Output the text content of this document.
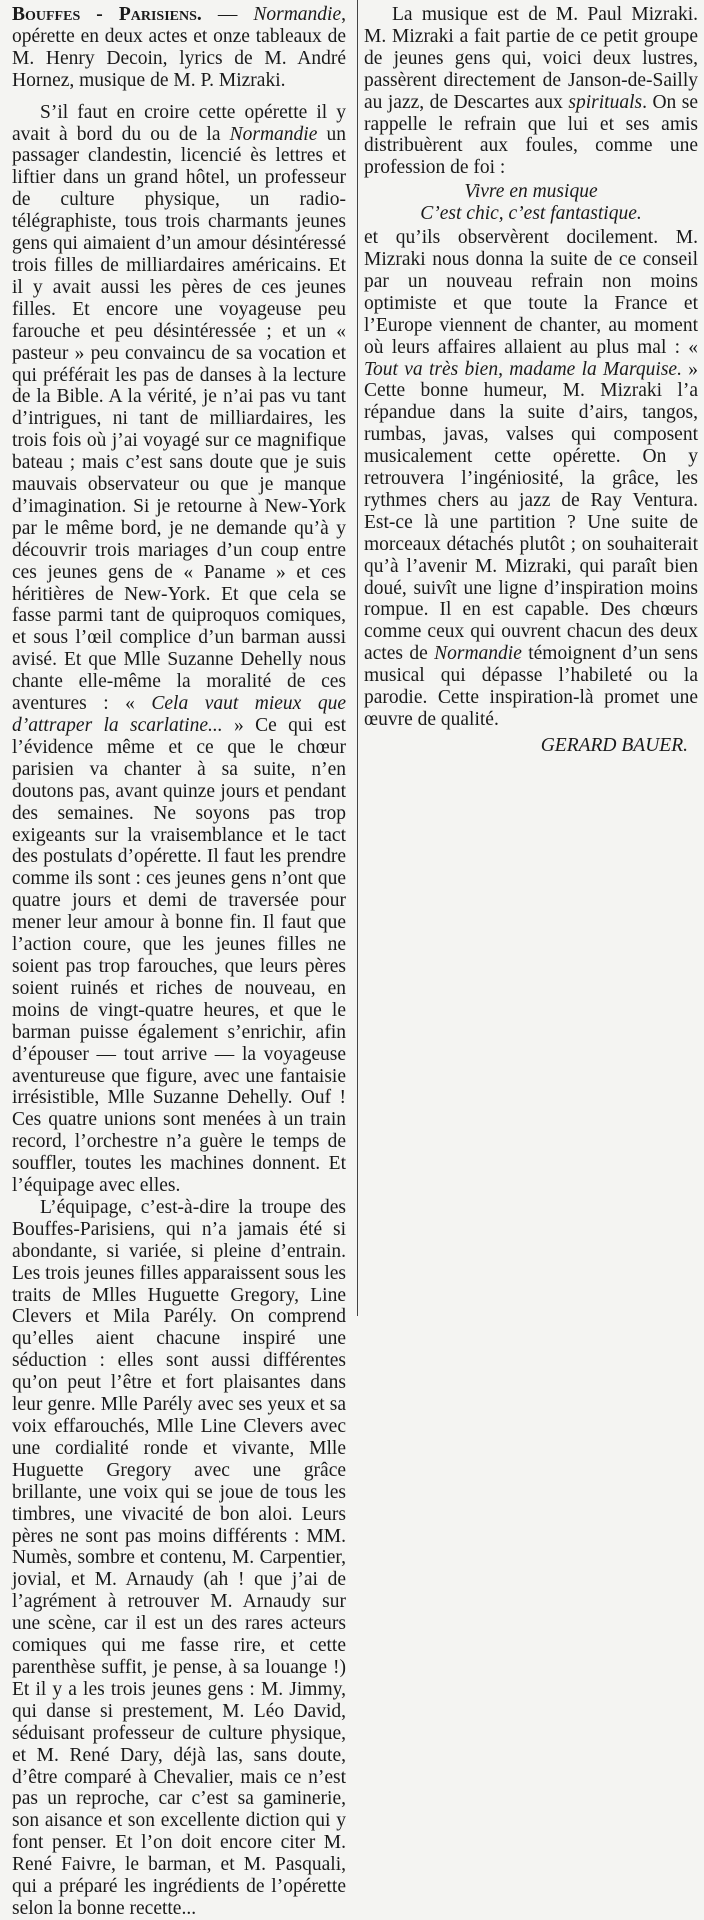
Bouffes - Parisiens. — Normandie, opérette en deux actes et onze tableaux de M. Henry Decoin, lyrics de M. André Hornez, musique de M. P. Mizraki.

S’il faut en croire cette opérette il y avait à bord du ou de la Normandie un passager clandestin, licencié ès lettres et liftier dans un grand hôtel, un professeur de culture physique, un radio-télégraphiste, tous trois charmants jeunes gens qui aimaient d’un amour désintéressé trois filles de milliardaires américains. Et il y avait aussi les pères de ces jeunes filles. Et encore une voyageuse peu farouche et peu désintéressée ; et un « pasteur » peu convaincu de sa vocation et qui préférait les pas de danses à la lecture de la Bible. A la vérité, je n’ai pas vu tant d’intrigues, ni tant de milliardaires, les trois fois où j’ai voyagé sur ce magnifique bateau ; mais c’est sans doute que je suis mauvais observateur ou que je manque d’imagination. Si je retourne à New-York par le même bord, je ne demande qu’à y découvrir trois mariages d’un coup entre ces jeunes gens de « Paname » et ces héritières de New-York. Et que cela se fasse parmi tant de quiproquos comiques, et sous l’œil complice d’un barman aussi avisé. Et que Mlle Suzanne Dehelly nous chante elle-même la moralité de ces aventures : « Cela vaut mieux que d’attraper la scarlatine... » Ce qui est l’évidence même et ce que le chœur parisien va chanter à sa suite, n’en doutons pas, avant quinze jours et pendant des semaines. Ne soyons pas trop exigeants sur la vraisemblance et le tact des postulats d’opérette. Il faut les prendre comme ils sont : ces jeunes gens n’ont que quatre jours et demi de traversée pour mener leur amour à bonne fin. Il faut que l’action coure, que les jeunes filles ne soient pas trop farouches, que leurs pères soient ruinés et riches de nouveau, en moins de vingt-quatre heures, et que le barman puisse également s’enrichir, afin d’épouser — tout arrive — la voyageuse aventureuse que figure, avec une fantaisie irrésistible, Mlle Suzanne Dehelly. Ouf ! Ces quatre unions sont menées à un train record, l’orchestre n’a guère le temps de souffler, toutes les machines donnent. Et l’équipage avec elles.

L’équipage, c’est-à-dire la troupe des Bouffes-Parisiens, qui n’a jamais été si abondante, si variée, si pleine d’entrain. Les trois jeunes filles apparaissent sous les traits de Mlles Huguette Gregory, Line Clevers et Mila Parély. On comprend qu’elles aient chacune inspiré une séduction : elles sont aussi différentes qu’on peut l’être et fort plaisantes dans leur genre. Mlle Parély avec ses yeux et sa voix effarouchés, Mlle Line Clevers avec une cordialité ronde et vivante, Mlle Huguette Gregory avec une grâce brillante, une voix qui se joue de tous les timbres, une vivacité de bon aloi. Leurs pères ne sont pas moins différents : MM. Numès, sombre et contenu, M. Carpentier, jovial, et M. Arnaudy (ah ! que j’ai de l’agrément à retrouver M. Arnaudy sur une scène, car il est un des rares acteurs comiques qui me fasse rire, et cette parenthèse suffit, je pense, à sa louange !) Et il y a les trois jeunes gens : M. Jimmy, qui danse si prestement, M. Léo David, séduisant professeur de culture physique, et M. René Dary, déjà las, sans doute, d’être comparé à Chevalier, mais ce n’est pas un reproche, car c’est sa gaminerie, son aisance et son excellente diction qui y font penser. Et l’on doit encore citer M. René Faivre, le barman, et M. Pasquali, qui a préparé les ingrédients de l’opérette selon la bonne recette...

La musique est de M. Paul Mizraki. M. Mizraki a fait partie de ce petit groupe de jeunes gens qui, voici deux lustres, passèrent directement de Janson-de-Sailly au jazz, de Descartes aux spirituals. On se rappelle le refrain que lui et ses amis distribuèrent aux foules, comme une profession de foi :

Vivre en musique
C’est chic, c’est fantastique.

et qu’ils observèrent docilement. M. Mizraki nous donna la suite de ce conseil par un nouveau refrain non moins optimiste et que toute la France et l’Europe viennent de chanter, au moment où leurs affaires allaient au plus mal : « Tout va très bien, madame la Marquise. » Cette bonne humeur, M. Mizraki l’a répandue dans la suite d’airs, tangos, rumbas, javas, valses qui composent musicalement cette opérette. On y retrouvera l’ingéniosité, la grâce, les rythmes chers au jazz de Ray Ventura. Est-ce là une partition ? Une suite de morceaux détachés plutôt ; on souhaiterait qu’à l’avenir M. Mizraki, qui paraît bien doué, suivît une ligne d’inspiration moins rompue. Il en est capable. Des chœurs comme ceux qui ouvrent chacun des deux actes de Normandie témoignent d’un sens musical qui dépasse l’habileté ou la parodie. Cette inspiration-là promet une œuvre de qualité.

GERARD BAUER.
